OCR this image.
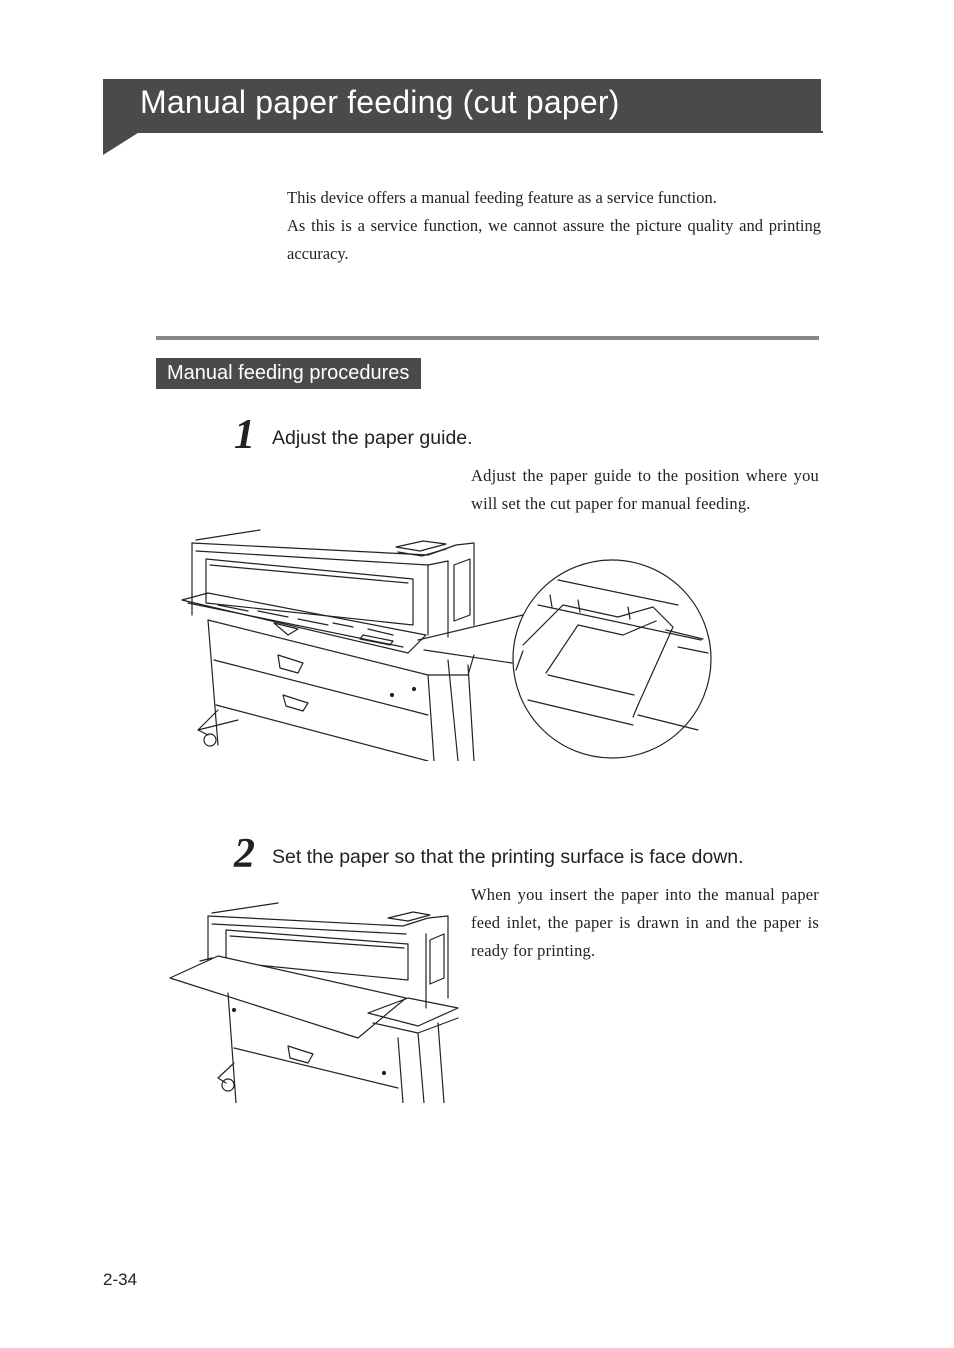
Manual paper feeding (cut paper)

This device offers a manual feeding feature as a service function.

As this is a service function, we cannot assure the picture quality and printing accuracy.

Manual feeding procedures
1 Adjust the paper guide.
Adjust the paper guide to the position where you will set the cut paper for manual feeding.
2 Set the paper so that the printing surface is face down.
When you insert the paper into the manual paper feed inlet, the paper is drawn in and the paper is ready for printing.
2-34
